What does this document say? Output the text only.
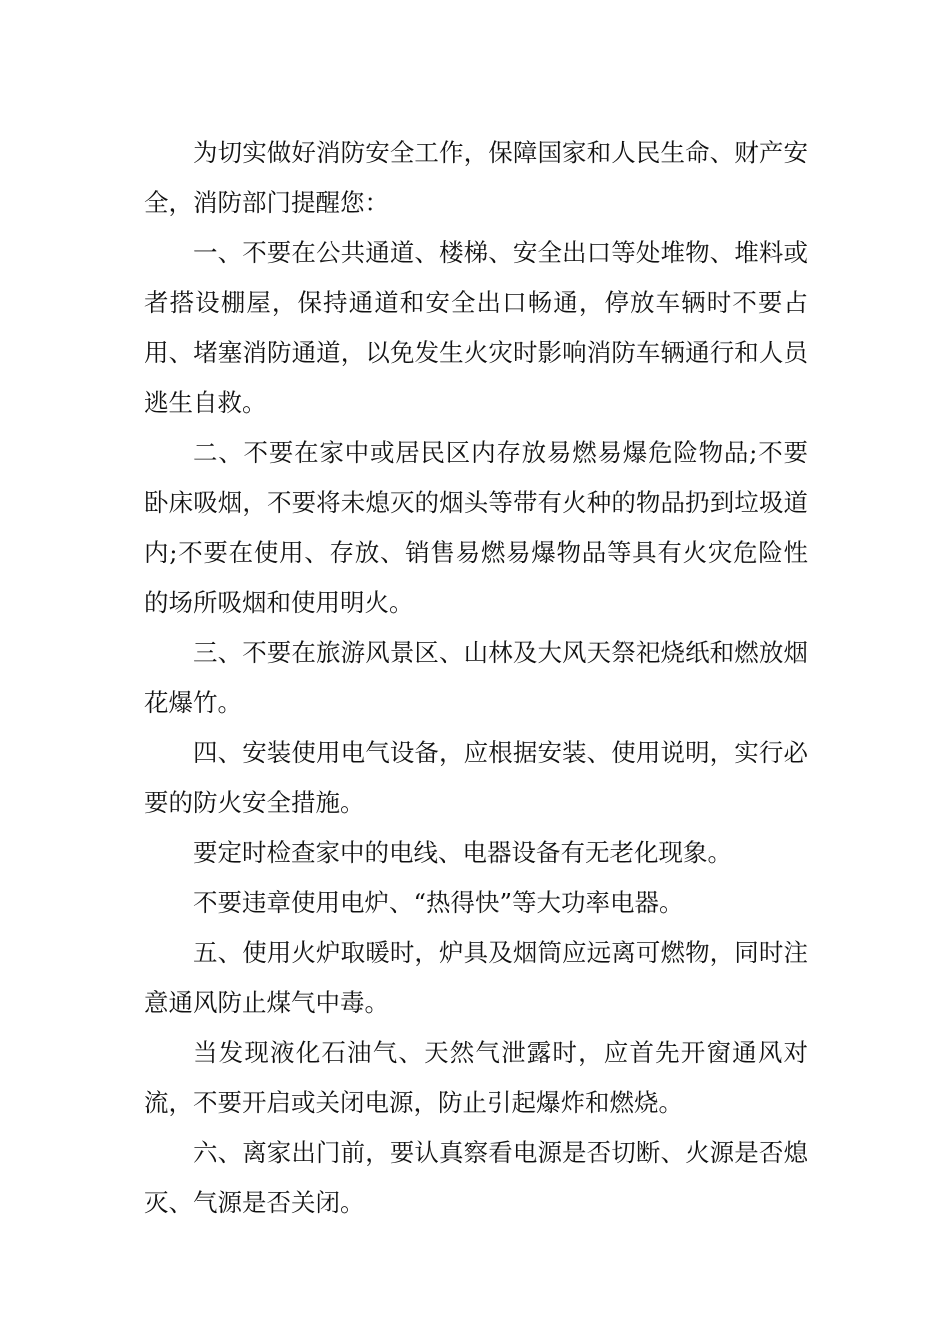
为切实做好消防安全工作，保障国家和人民生命、财产安全，消防部门提醒您：

一、不要在公共通道、楼梯、安全出口等处堆物、堆料或者搭设棚屋，保持通道和安全出口畅通，停放车辆时不要占用、堵塞消防通道，以免发生火灾时影响消防车辆通行和人员逃生自救。

二、不要在家中或居民区内存放易燃易爆危险物品;不要卧床吸烟，不要将未熄灭的烟头等带有火种的物品扔到垃圾道内;不要在使用、存放、销售易燃易爆物品等具有火灾危险性的场所吸烟和使用明火。

三、不要在旅游风景区、山林及大风天祭祀烧纸和燃放烟花爆竹。

四、安装使用电气设备，应根据安装、使用说明，实行必要的防火安全措施。

要定时检查家中的电线、电器设备有无老化现象。

不要违章使用电炉、“热得快”等大功率电器。

五、使用火炉取暖时，炉具及烟筒应远离可燃物，同时注意通风防止煤气中毒。

当发现液化石油气、天然气泄露时，应首先开窗通风对流，不要开启或关闭电源，防止引起爆炸和燃烧。

六、离家出门前，要认真察看电源是否切断、火源是否熄灭、气源是否关闭。
